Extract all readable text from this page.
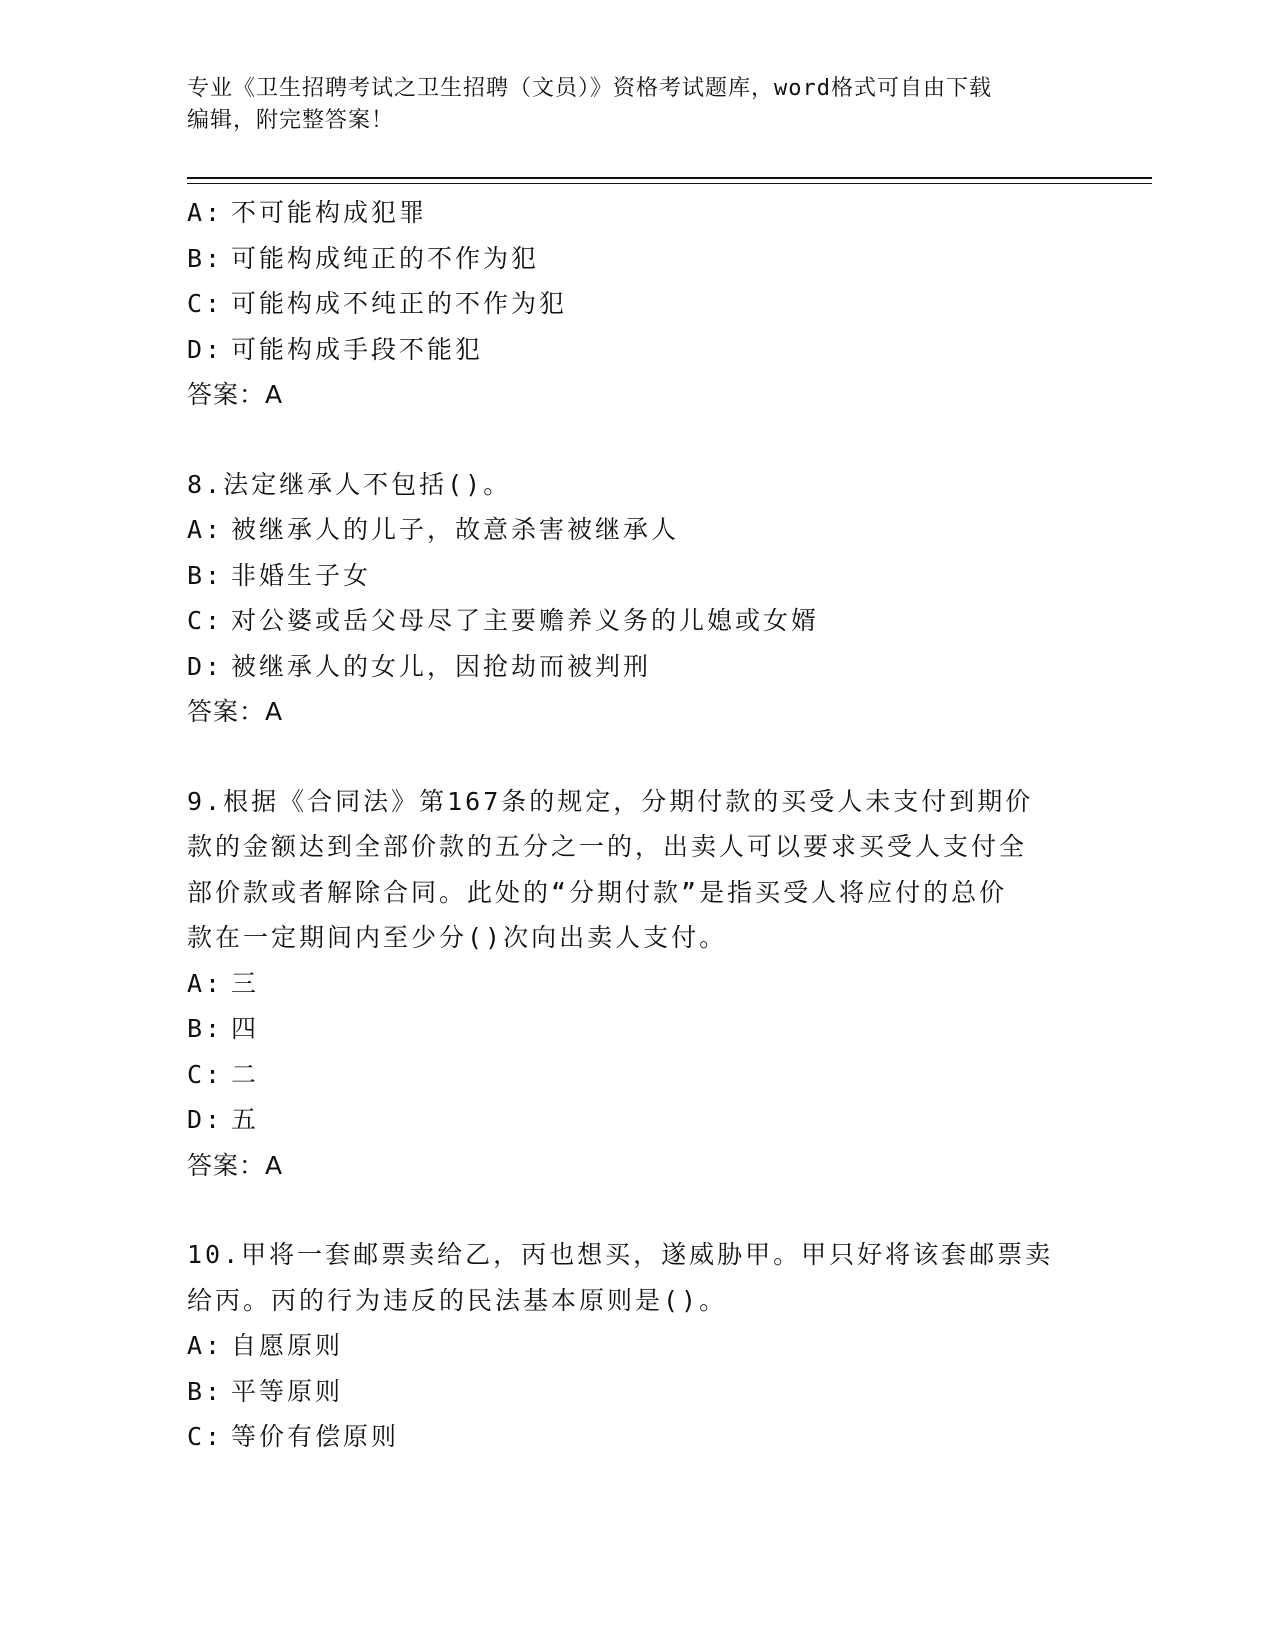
专业《卫生招聘考试之卫生招聘（文员）》资格考试题库，word格式可自由下载
编辑，附完整答案！
A: 不可能构成犯罪
B: 可能构成纯正的不作为犯
C: 可能构成不纯正的不作为犯
D: 可能构成手段不能犯
答案：A
8.法定继承人不包括()。
A: 被继承人的儿子，故意杀害被继承人
B: 非婚生子女
C: 对公婆或岳父母尽了主要赡养义务的儿媳或女婿
D: 被继承人的女儿，因抢劫而被判刑
答案：A
9.根据《合同法》第167条的规定，分期付款的买受人未支付到期价
款的金额达到全部价款的五分之一的，出卖人可以要求买受人支付全
部价款或者解除合同。此处的“分期付款”是指买受人将应付的总价
款在一定期间内至少分()次向出卖人支付。
A: 三
B: 四
C: 二
D: 五
答案：A
10.甲将一套邮票卖给乙，丙也想买，遂威胁甲。甲只好将该套邮票卖
给丙。丙的行为违反的民法基本原则是()。
A: 自愿原则
B: 平等原则
C: 等价有偿原则
